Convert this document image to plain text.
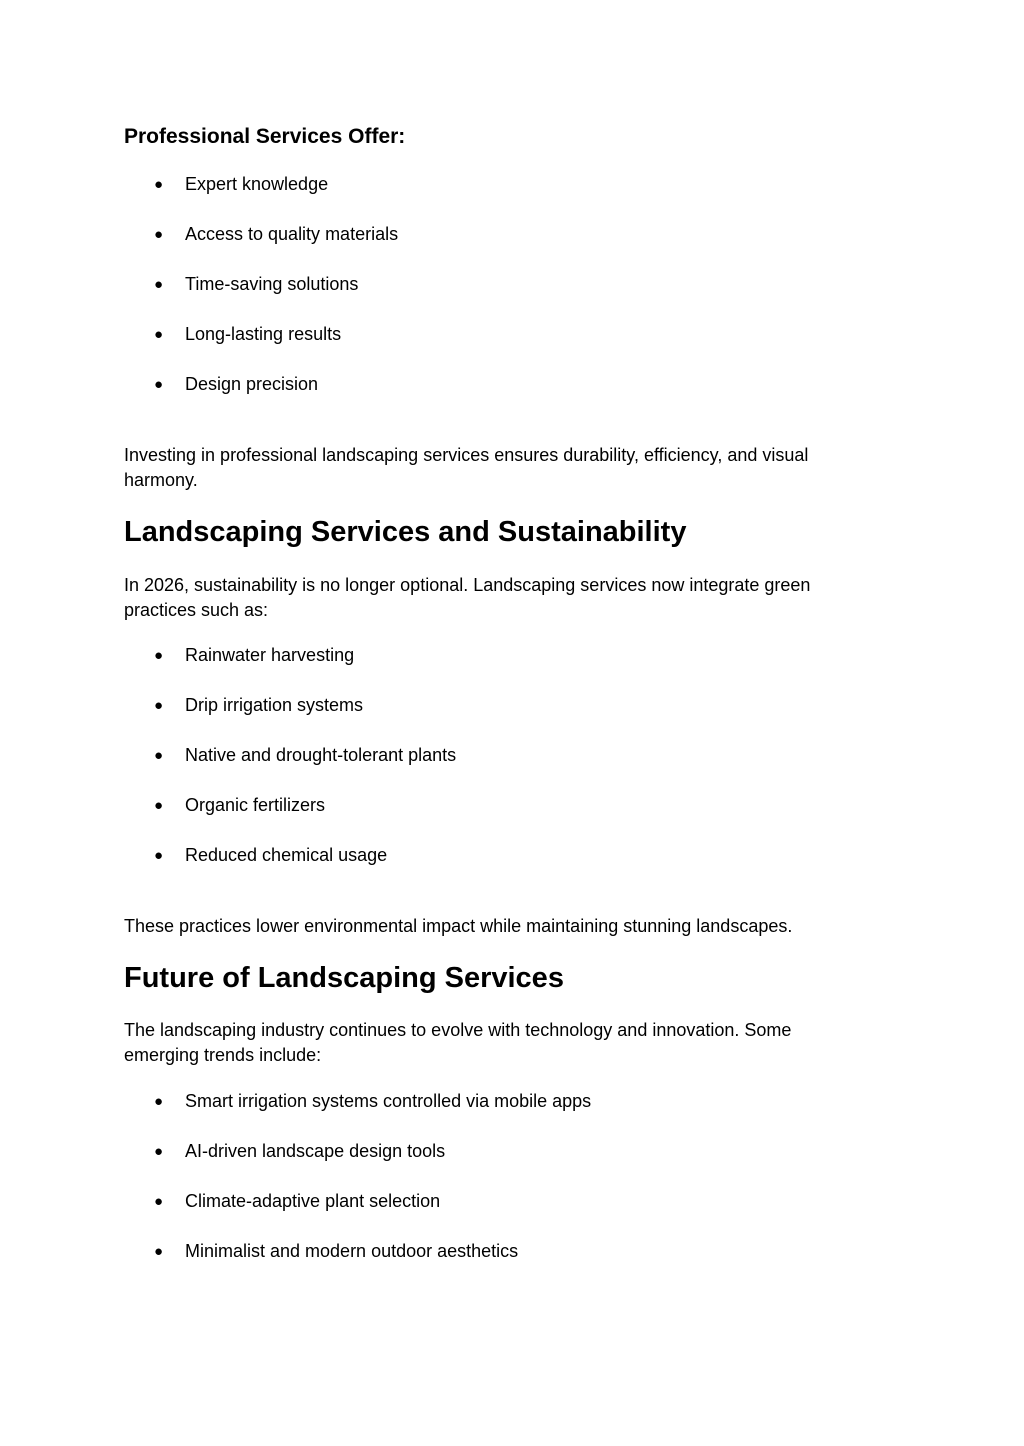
Professional Services Offer:
● Expert knowledge
● Access to quality materials
● Time-saving solutions
● Long-lasting results
● Design precision

Investing in professional landscaping services ensures durability, efficiency, and visual harmony.

Landscaping Services and Sustainability

In 2026, sustainability is no longer optional. Landscaping services now integrate green practices such as:

● Rainwater harvesting
● Drip irrigation systems
● Native and drought-tolerant plants
● Organic fertilizers
● Reduced chemical usage

These practices lower environmental impact while maintaining stunning landscapes.

Future of Landscaping Services

The landscaping industry continues to evolve with technology and innovation. Some emerging trends include:

● Smart irrigation systems controlled via mobile apps
● AI-driven landscape design tools
● Climate-adaptive plant selection
● Minimalist and modern outdoor aesthetics
